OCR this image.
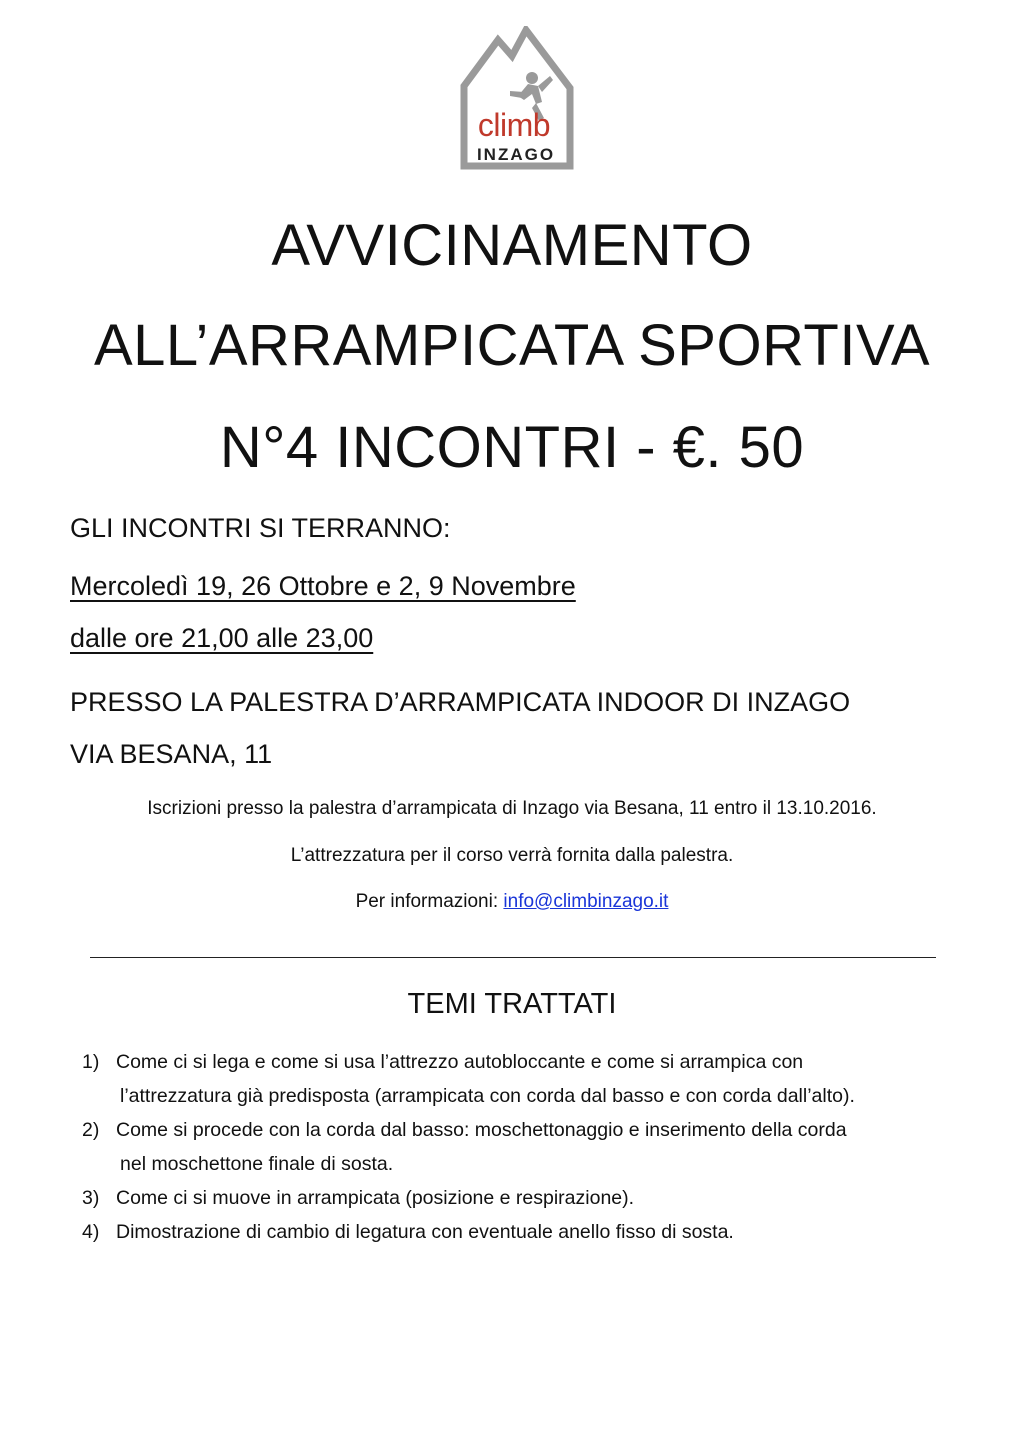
climb
INZAGO
AVVICINAMENTO
ALL’ARRAMPICATA SPORTIVA
N°4 INCONTRI - €. 50
GLI INCONTRI SI TERRANNO:
Mercoledì 19, 26 Ottobre e 2, 9 Novembre
dalle ore 21,00 alle 23,00
PRESSO LA PALESTRA D’ARRAMPICATA INDOOR DI INZAGO
VIA BESANA, 11
Iscrizioni presso la palestra d’arrampicata di Inzago via Besana, 11 entro il 13.10.2016.
L’attrezzatura per il corso verrà fornita dalla palestra.
Per informazioni: info@climbinzago.it
TEMI TRATTATI
1) Come ci si lega e come si usa l’attrezzo autobloccante e come si arrampica con
l’attrezzatura già predisposta (arrampicata con corda dal basso e con corda dall’alto).
2) Come si procede con la corda dal basso: moschettonaggio e inserimento della corda
nel moschettone finale di sosta.
3) Come ci si muove in arrampicata (posizione e respirazione).
4) Dimostrazione di cambio di legatura con eventuale anello fisso di sosta.
